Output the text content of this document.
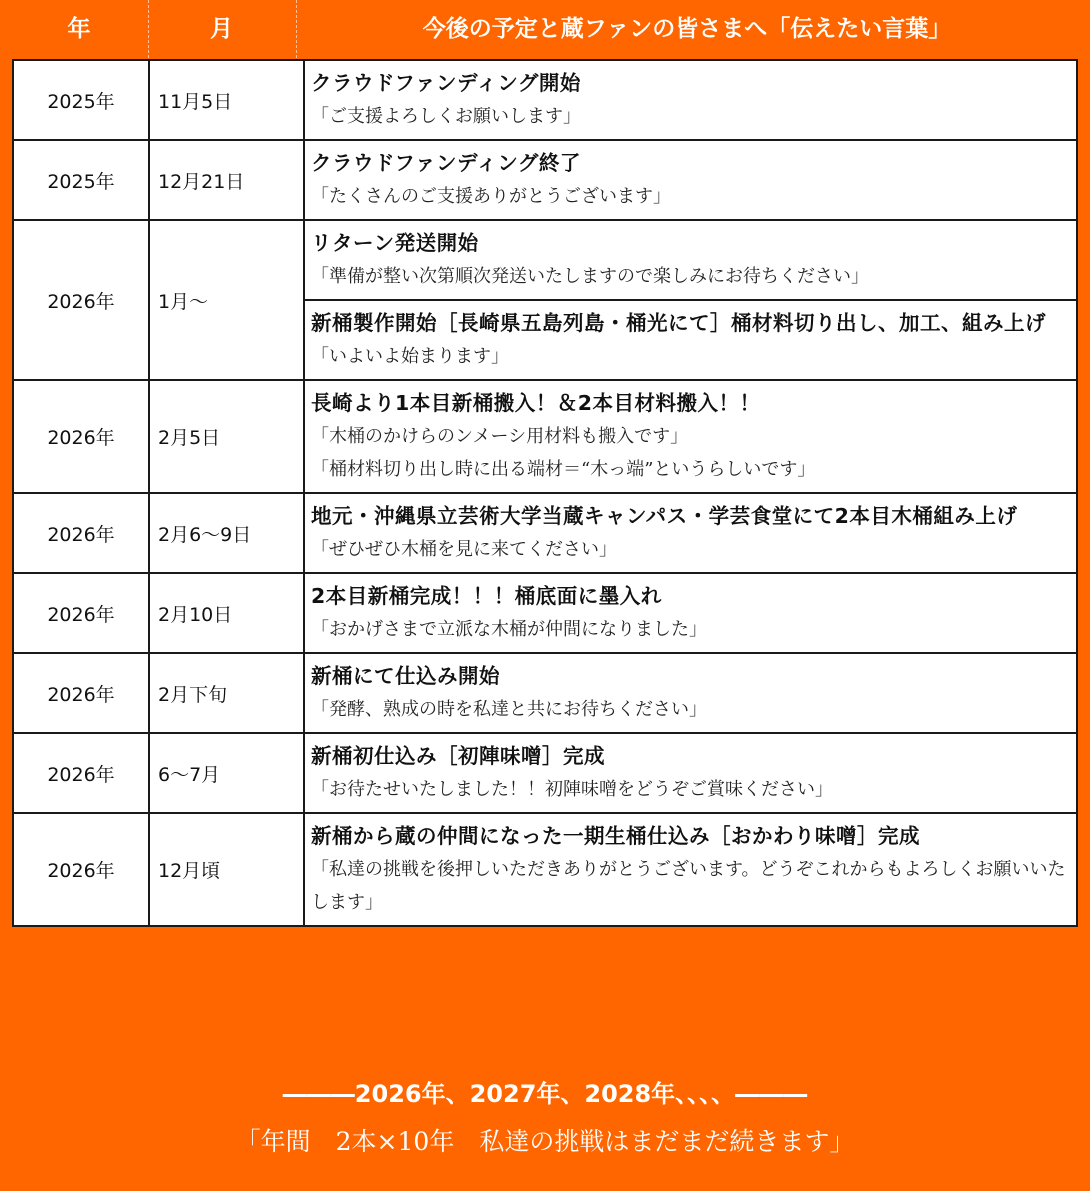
年	月	今後の予定と蔵ファンの皆さまへ「伝えたい言葉」
2025年	11月5日	クラウドファンディング開始
「ご支援よろしくお願いします」

2025年	12月21日	クラウドファンディング終了
「たくさんのご支援ありがとうございます」

2026年	1月～	リターン発送開始
「準備が整い次第順次発送いたしますので楽しみにお待ちください」

		新桶製作開始［長崎県五島列島・桶光にて］桶材料切り出し、加工、組み上げ
「いよいよ始まります」

2026年	2月5日	長崎より1本目新桶搬入！＆2本目材料搬入！！
「木桶のかけらのンメーシ用材料も搬入です」
「桶材料切り出し時に出る端材＝“木っ端”というらしいです」

2026年	2月6～9日	地元・沖縄県立芸術大学当蔵キャンパス・学芸食堂にて2本目木桶組み上げ
「ぜひぜひ木桶を見に来てください」

2026年	2月10日	2本目新桶完成！！！桶底面に墨入れ
「おかげさまで立派な木桶が仲間になりました」

2026年	2月下旬	新桶にて仕込み開始
「発酵、熟成の時を私達と共にお待ちください」

2026年	6～7月	新桶初仕込み［初陣味噌］完成
「お待たせいたしました！！初陣味噌をどうぞご賞味ください」

2026年	12月頃	新桶から蔵の仲間になった一期生桶仕込み［おかわり味噌］完成
「私達の挑戦を後押しいただきありがとうございます。どうぞこれからもよろしくお願いいたします」
―――2026年、2027年、2028年、、、、―――
「年間　2本×10年　私達の挑戦はまだまだ続きます」
